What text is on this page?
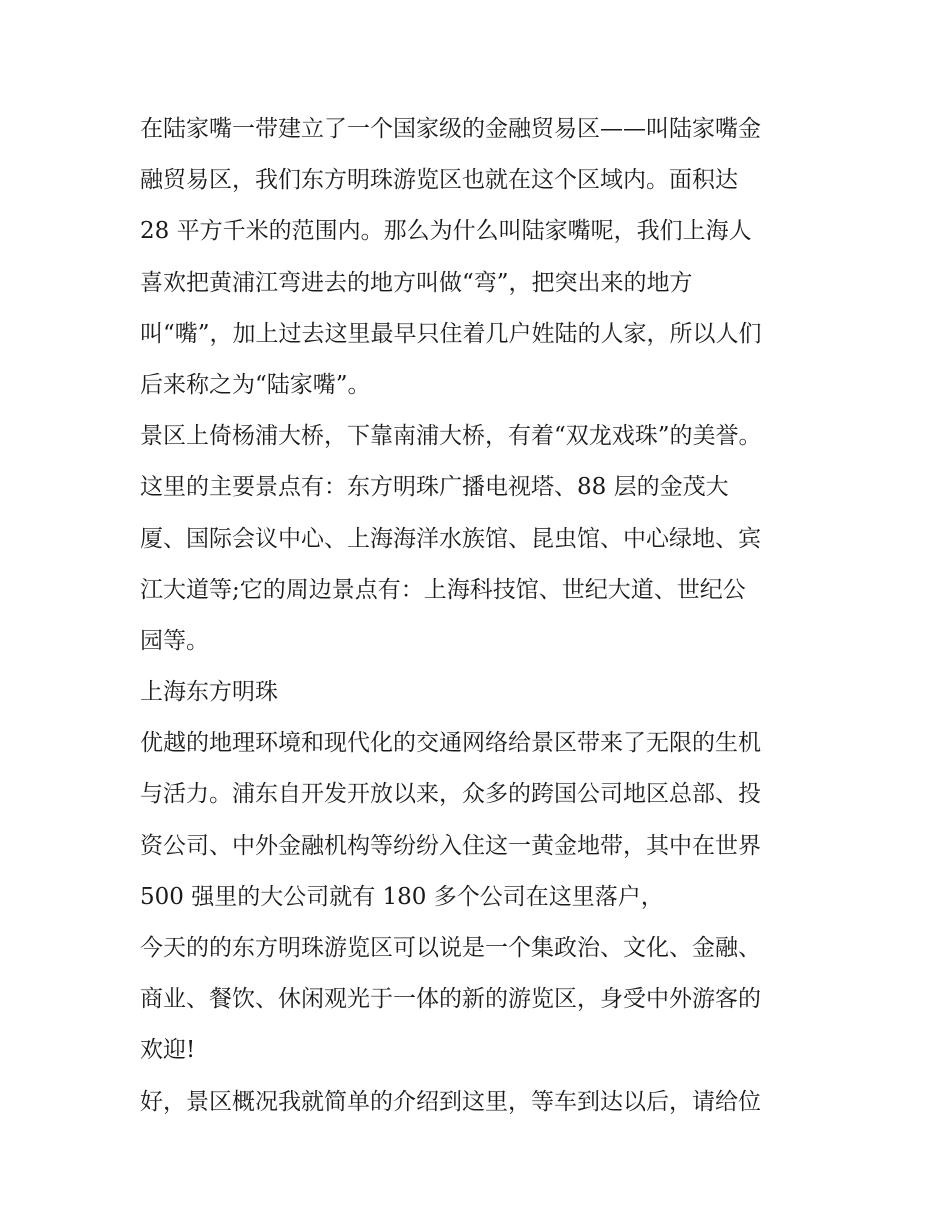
在陆家嘴一带建立了一个国家级的金融贸易区——叫陆家嘴金
融贸易区，我们东方明珠游览区也就在这个区域内。面积达
28 平方千米的范围内。那么为什么叫陆家嘴呢，我们上海人
喜欢把黄浦江弯进去的地方叫做“弯”，把突出来的地方
叫“嘴”，加上过去这里最早只住着几户姓陆的人家，所以人们
后来称之为“陆家嘴”。
景区上倚杨浦大桥，下靠南浦大桥，有着“双龙戏珠”的美誉。
这里的主要景点有：东方明珠广播电视塔、88 层的金茂大
厦、国际会议中心、上海海洋水族馆、昆虫馆、中心绿地、宾
江大道等;它的周边景点有：上海科技馆、世纪大道、世纪公
园等。
上海东方明珠
优越的地理环境和现代化的交通网络给景区带来了无限的生机
与活力。浦东自开发开放以来，众多的跨国公司地区总部、投
资公司、中外金融机构等纷纷入住这一黄金地带，其中在世界
500 强里的大公司就有 180 多个公司在这里落户，
今天的的东方明珠游览区可以说是一个集政治、文化、金融、
商业、餐饮、休闲观光于一体的新的游览区，身受中外游客的
欢迎!
好，景区概况我就简单的介绍到这里，等车到达以后，请给位
